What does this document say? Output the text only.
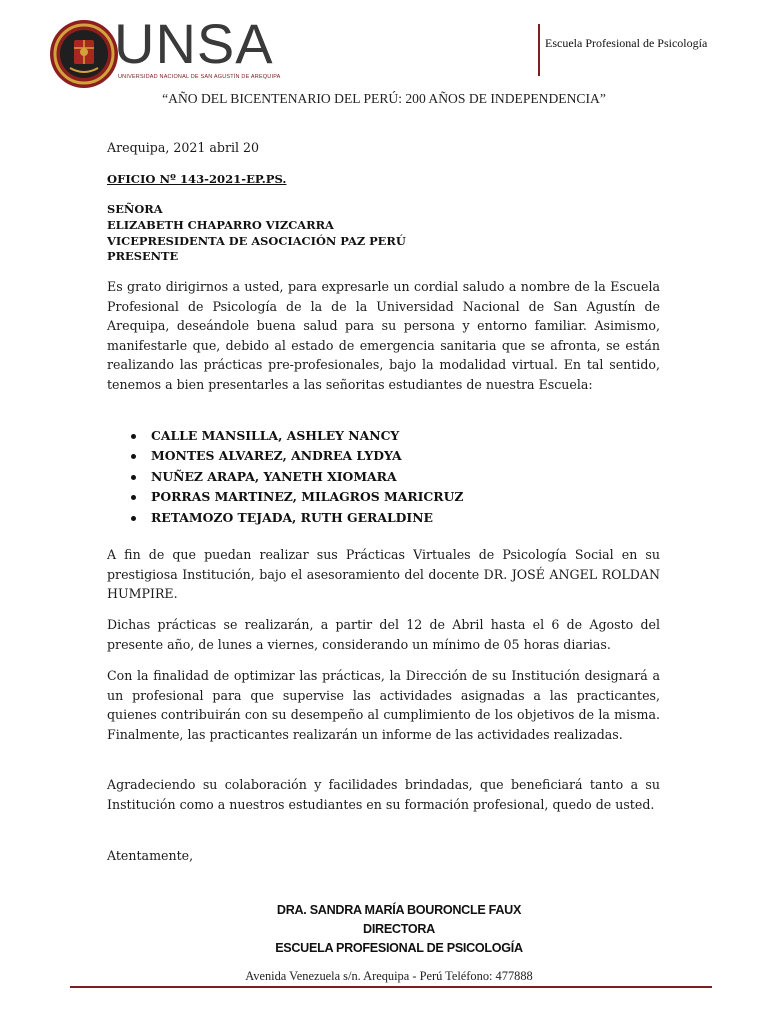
UNSA
UNIVERSIDAD NACIONAL DE SAN AGUSTÍN DE AREQUIPA
Escuela Profesional de Psicología
“AÑO DEL BICENTENARIO DEL PERÚ: 200 AÑOS DE INDEPENDENCIA”
Arequipa, 2021 abril 20
OFICIO Nº 143-2021-EP.PS.
SEÑORA
ELIZABETH CHAPARRO VIZCARRA
VICEPRESIDENTA DE ASOCIACIÓN PAZ PERÚ
PRESENTE

Es grato dirigirnos a usted, para expresarle un cordial saludo a nombre de la Escuela Profesional de Psicología de la de la Universidad Nacional de San Agustín de Arequipa, deseándole buena salud para su persona y entorno familiar. Asimismo, manifestarle que, debido al estado de emergencia sanitaria que se afronta, se están realizando las prácticas pre-profesionales, bajo la modalidad virtual. En tal sentido, tenemos a bien presentarles a las señoritas estudiantes de nuestra Escuela:

CALLE MANSILLA, ASHLEY NANCY
MONTES ALVAREZ, ANDREA LYDYA
NUÑEZ ARAPA, YANETH XIOMARA
PORRAS MARTINEZ, MILAGROS MARICRUZ
RETAMOZO TEJADA, RUTH GERALDINE

A fin de que puedan realizar sus Prácticas Virtuales de Psicología Social en su prestigiosa Institución, bajo el asesoramiento del docente DR. JOSÉ ANGEL ROLDAN HUMPIRE.

Dichas prácticas se realizarán, a partir del 12 de Abril hasta el 6 de Agosto del presente año, de lunes a viernes, considerando un mínimo de 05 horas diarias.

Con la finalidad de optimizar las prácticas, la Dirección de su Institución designará a un profesional para que supervise las actividades asignadas a las practicantes, quienes contribuirán con su desempeño al cumplimiento de los objetivos de la misma. Finalmente, las practicantes realizarán un informe de las actividades realizadas.

Agradeciendo su colaboración y facilidades brindadas, que beneficiará tanto a su Institución como a nuestros estudiantes en su formación profesional, quedo de usted.

Atentamente,

DRA. SANDRA MARÍA BOURONCLE FAUX
DIRECTORA
ESCUELA PROFESIONAL DE PSICOLOGÍA
Avenida Venezuela s/n. Arequipa - Perú Teléfono: 477888
